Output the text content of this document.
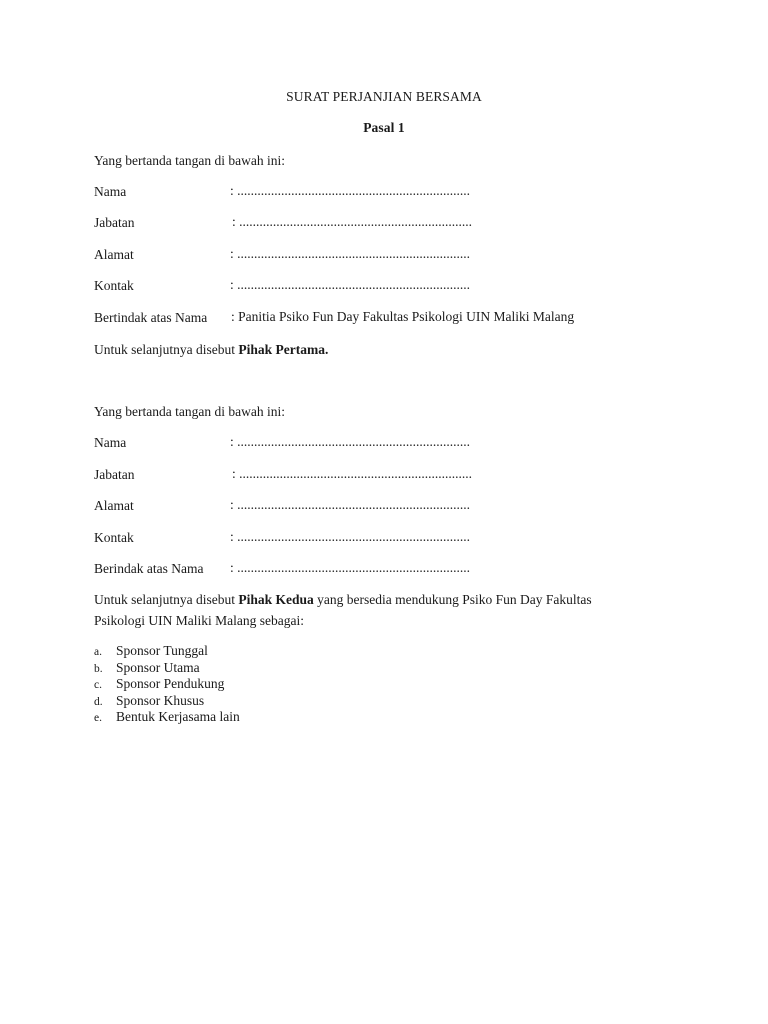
SURAT PERJANJIAN BERSAMA
Pasal 1
Yang bertanda tangan di bawah ini:
Nama	: .....................................................................
Jabatan	: .....................................................................
Alamat	: .....................................................................
Kontak	: .....................................................................
Bertindak atas Nama : Panitia Psiko Fun Day Fakultas Psikologi UIN Maliki Malang
Untuk selanjutnya disebut Pihak Pertama.
Yang bertanda tangan di bawah ini:
Nama	: .....................................................................
Jabatan	: .....................................................................
Alamat	: .....................................................................
Kontak	: .....................................................................
Berindak atas Nama : .....................................................................
Untuk selanjutnya disebut Pihak Kedua yang bersedia mendukung Psiko Fun Day Fakultas
Psikologi UIN Maliki Malang sebagai:
a. Sponsor Tunggal
b. Sponsor Utama
c. Sponsor Pendukung
d. Sponsor Khusus
e. Bentuk Kerjasama lain
